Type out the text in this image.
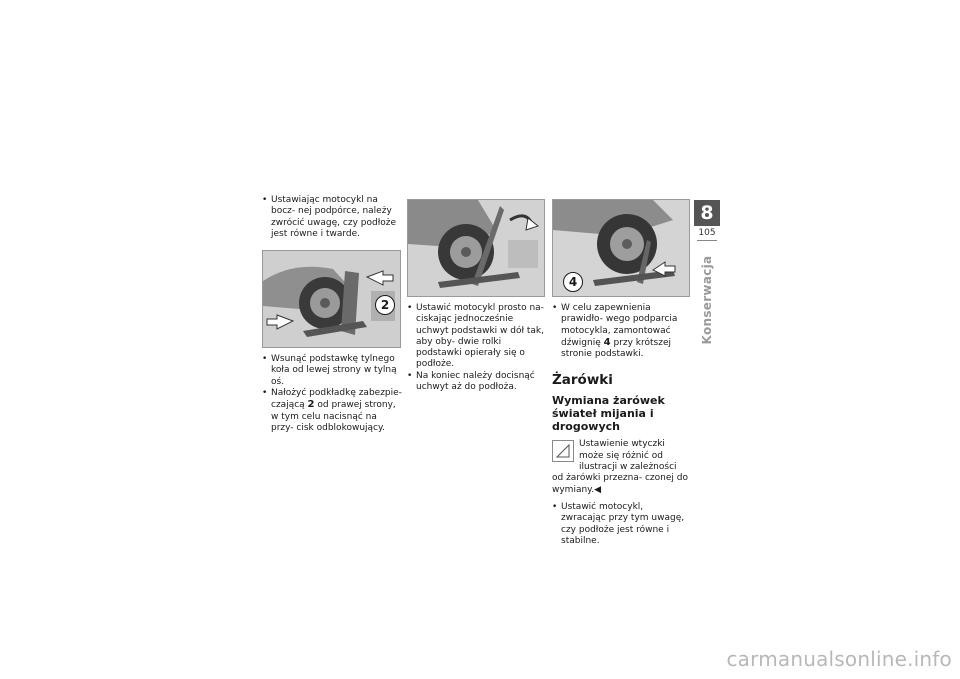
• Ustawiając motocykl na bocz- nej podpórce, należy zwrócić uwagę, czy podłoże jest równe i twarde.
2
• Wsunąć podstawkę tylnego koła od lewej strony w tylną oś.
• Nałożyć podkładkę zabezpie- czającą 2 od prawej strony, w tym celu nacisnąć na przy- cisk odblokowujący.
• Ustawić motocykl prosto na- ciskając jednocześnie uchwyt podstawki w dół tak, aby oby- dwie rolki podstawki opierały się o podłoże.
• Na koniec należy docisnąć uchwyt aż do podłoża.
4
• W celu zapewnienia prawidło- wego podparcia motocykla, zamontować dźwignię 4 przy krótszej stronie podstawki.
Żarówki
Wymiana żarówek świateł mijania i drogowych
Ustawienie wtyczki może się różnić od ilustracji w zależności od żarówki przezna- czonej do wymiany.◀
• Ustawić motocykl, zwracając przy tym uwagę, czy podłoże jest równe i stabilne.
8
105
Konserwacja
carmanualsonline.info
